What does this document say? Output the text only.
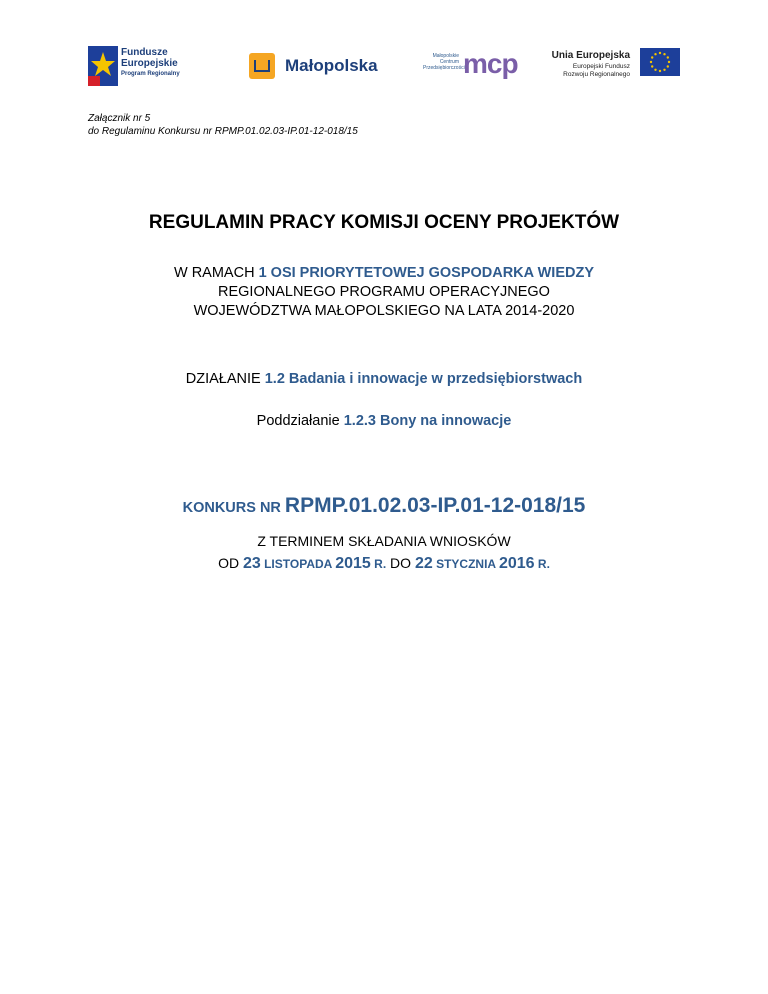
Fundusze
Europejskie
Program Regionalny	Małopolska	Małopolskie Centrum Przedsiębiorczości
mcp	Unia Europejska
Europejski Fundusz
Rozwoju Regionalnego
Załącznik nr 5
do Regulaminu Konkursu nr RPMP.01.02.03-IP.01-12-018/15
REGULAMIN PRACY KOMISJI OCENY PROJEKTÓW
W RAMACH 1 OSI PRIORYTETOWEJ GOSPODARKA WIEDZY
REGIONALNEGO PROGRAMU OPERACYJNEGO
WOJEWÓDZTWA MAŁOPOLSKIEGO NA LATA 2014-2020
DZIAŁANIE 1.2 Badania i innowacje w przedsiębiorstwach
Poddziałanie 1.2.3 Bony na innowacje
KONKURS NR RPMP.01.02.03-IP.01-12-018/15
Z TERMINEM SKŁADANIA WNIOSKÓW
OD 23 LISTOPADA 2015 R. DO 22 STYCZNIA 2016 R.
